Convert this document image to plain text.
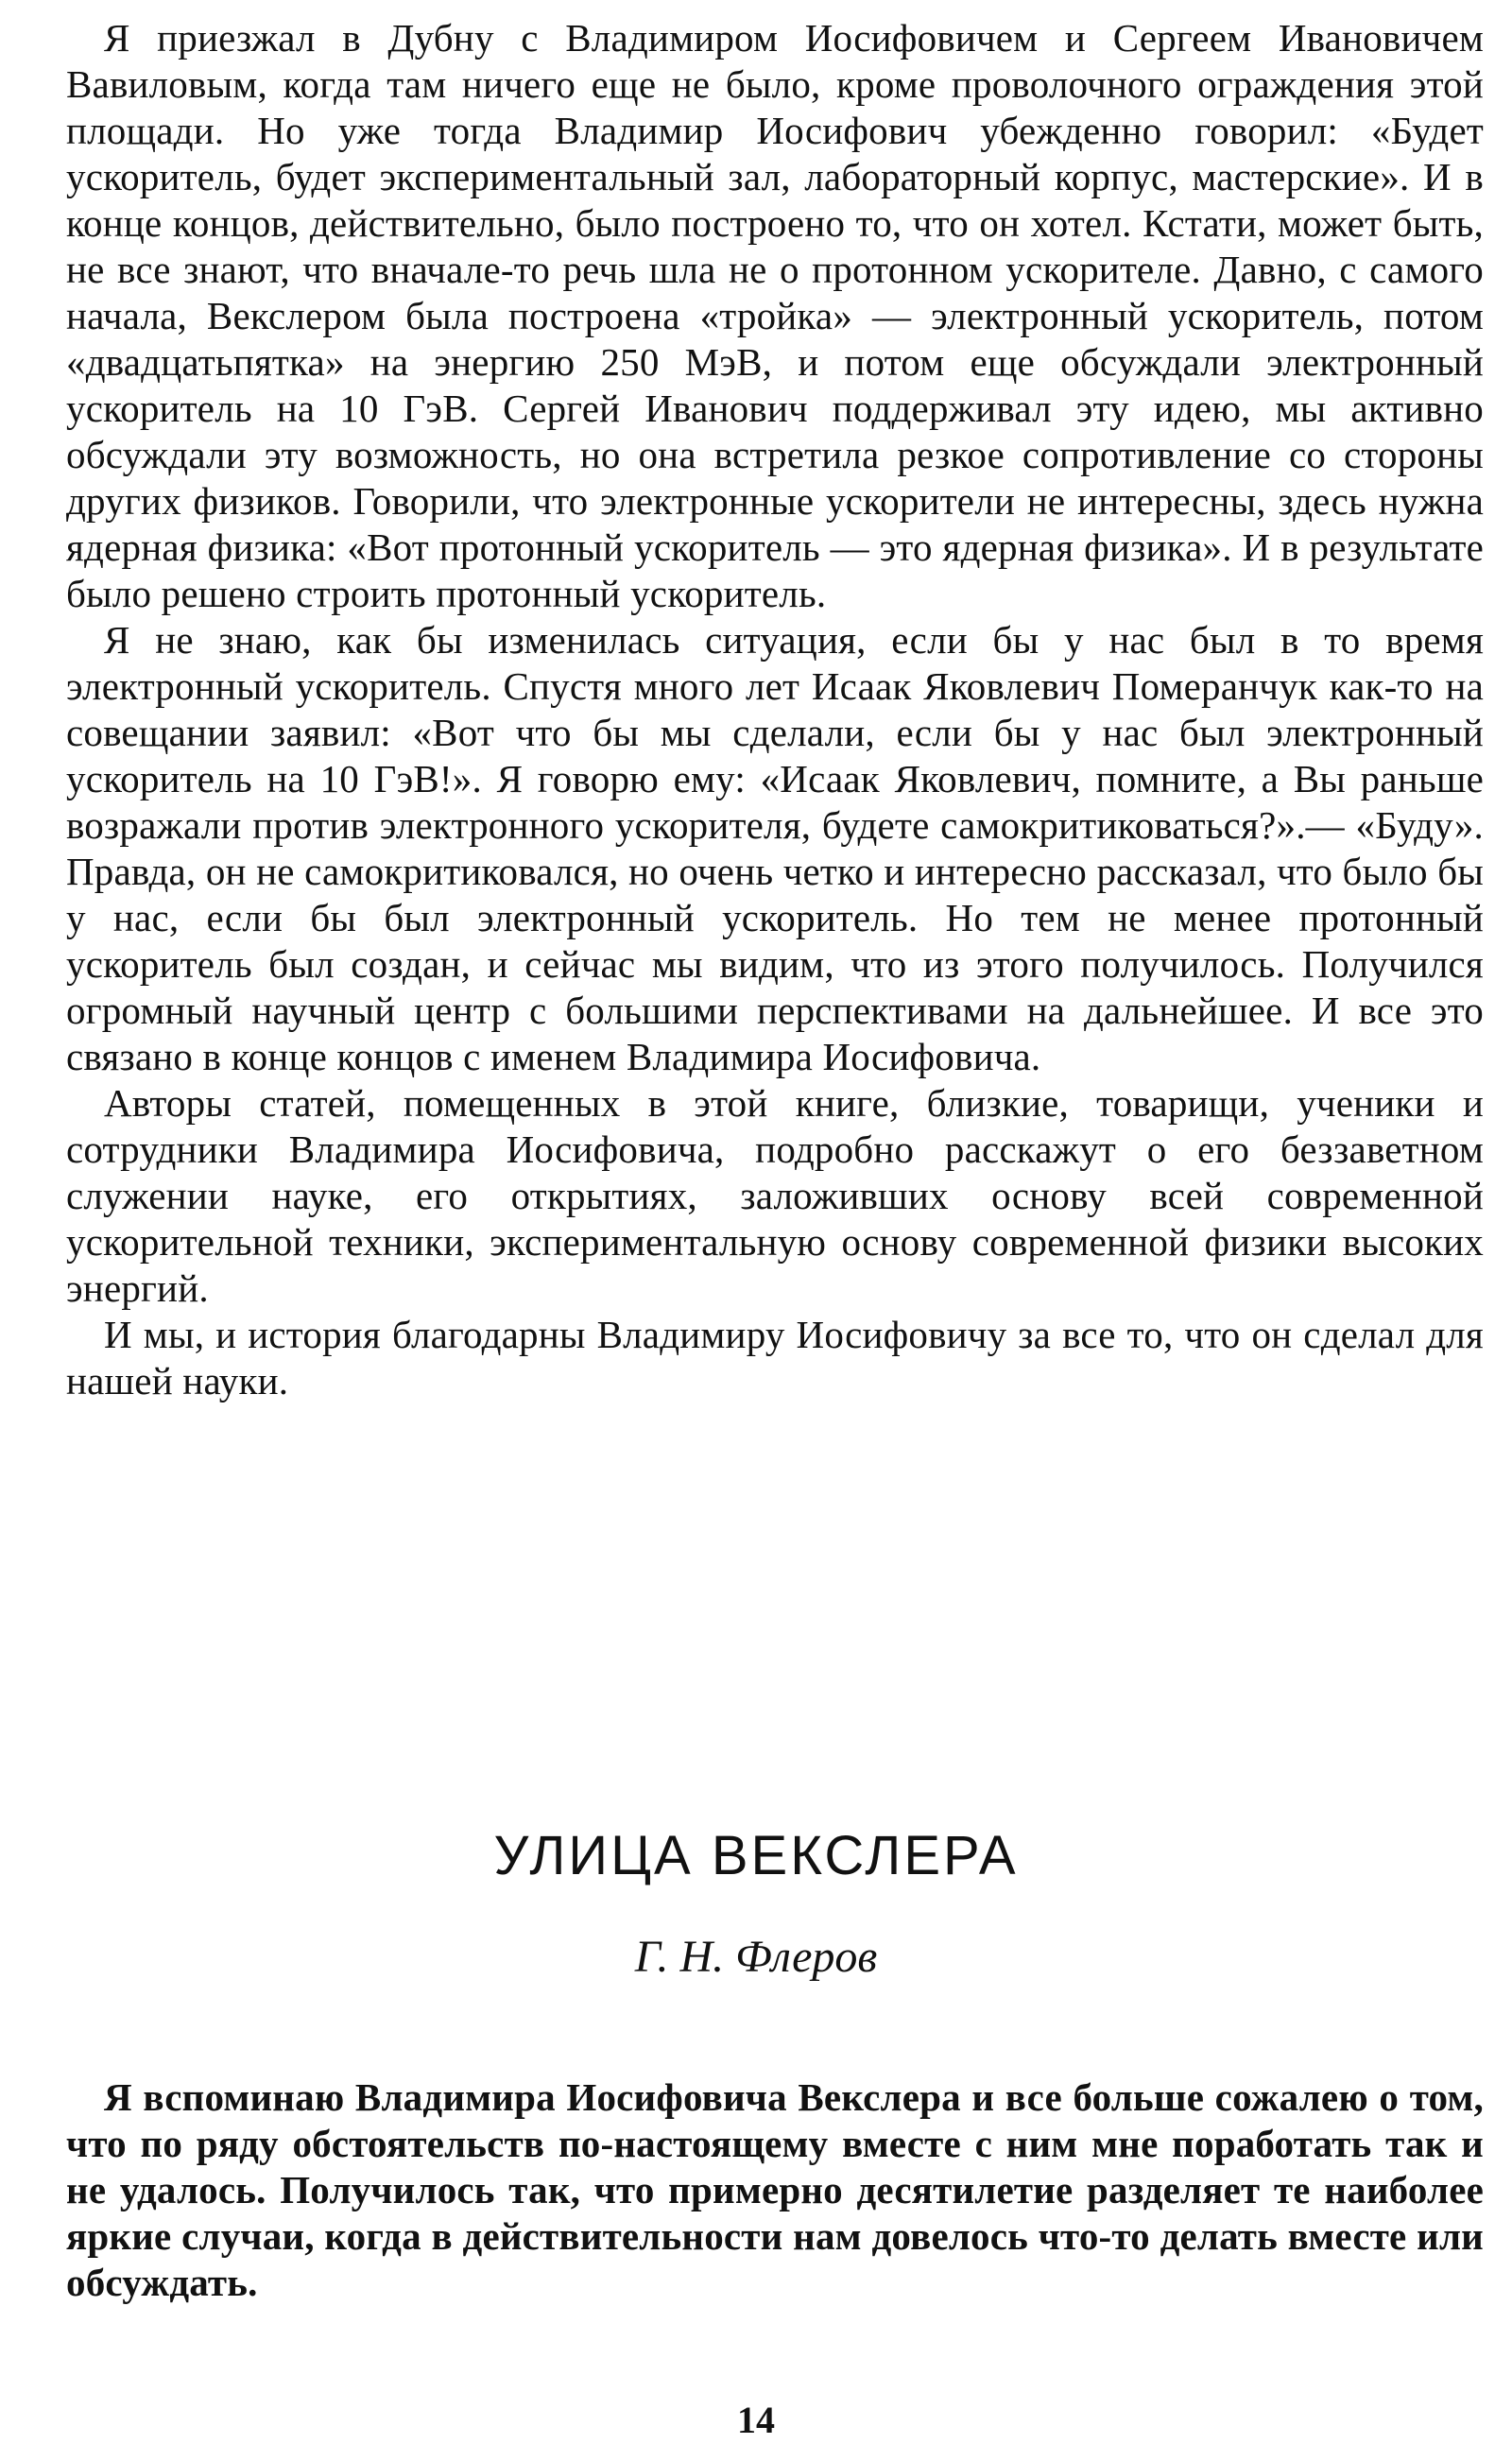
Я приезжал в Дубну с Владимиром Иосифовичем и Сергеем Ивановичем Вавиловым, когда там ничего еще не было, кроме проволочного ограждения этой площади. Но уже тогда Владимир Иосифович убежденно говорил: «Будет ускоритель, будет экспериментальный зал, лабораторный корпус, мастерские». И в конце концов, действительно, было построено то, что он хотел. Кстати, может быть, не все знают, что вначале-то речь шла не о протонном ускорителе. Давно, с самого начала, Векслером была построена «тройка» — электронный ускоритель, потом «двадцатьпятка» на энергию 250 МэВ, и потом еще обсуждали электронный ускоритель на 10 ГэВ. Сергей Иванович поддерживал эту идею, мы активно обсуждали эту возможность, но она встретила резкое сопротивление со стороны других физиков. Говорили, что электронные ускорители не интересны, здесь нужна ядерная физика: «Вот протонный ускоритель — это ядерная физика». И в результате было решено строить протонный ускоритель.

Я не знаю, как бы изменилась ситуация, если бы у нас был в то время электронный ускоритель. Спустя много лет Исаак Яковлевич Померанчук как-то на совещании заявил: «Вот что бы мы сделали, если бы у нас был электронный ускоритель на 10 ГэВ!». Я говорю ему: «Исаак Яковлевич, помните, а Вы раньше возражали против электронного ускорителя, будете самокритиковаться?».— «Буду». Правда, он не самокритиковался, но очень четко и интересно рассказал, что было бы у нас, если бы был электронный ускоритель. Но тем не менее протонный ускоритель был создан, и сейчас мы видим, что из этого получилось. Получился огромный научный центр с большими перспективами на дальнейшее. И все это связано в конце концов с именем Владимира Иосифовича.

Авторы статей, помещенных в этой книге, близкие, товарищи, ученики и сотрудники Владимира Иосифовича, подробно расскажут о его беззаветном служении науке, его открытиях, заложивших основу всей современной ускорительной техники, экспериментальную основу современной физики высоких энергий.

И мы, и история благодарны Владимиру Иосифовичу за все то, что он сделал для нашей науки.

УЛИЦА ВЕКСЛЕРА
Г. Н. Флеров

Я вспоминаю Владимира Иосифовича Векслера и все больше сожалею о том, что по ряду обстоятельств по-настоящему вместе с ним мне поработать так и не удалось. Получилось так, что примерно десятилетие разделяет те наиболее яркие случаи, когда в действительности нам довелось что-то делать вместе или обсуждать.

14
